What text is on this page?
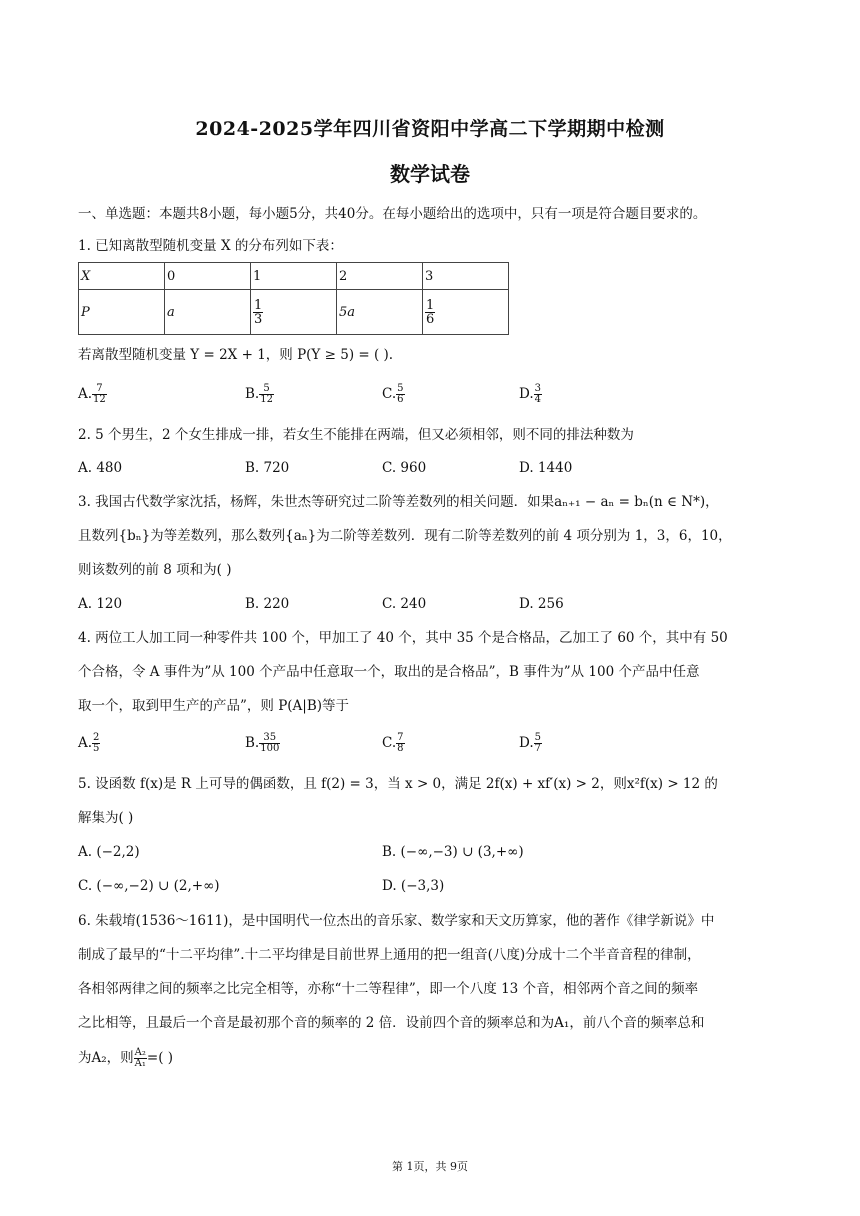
2024-2025学年四川省资阳中学高二下学期期中检测
数学试卷
一、单选题：本题共8小题，每小题5分，共40分。在每小题给出的选项中，只有一项是符合题目要求的。
1. 已知离散型随机变量 X 的分布列如下表：
X	0	1	2	3
P	a	$\frac{1}{3}$	5a	$\frac{1}{6}$
若离散型随机变量 Y = 2X + 1，则 P(Y ≥ 5) = ( ).
A. $\frac{7}{12}$	B. $\frac{5}{12}$	C. $\frac{5}{6}$	D. $\frac{3}{4}$
2. 5 个男生，2 个女生排成一排，若女生不能排在两端，但又必须相邻，则不同的排法种数为
A. 480	B. 720	C. 960	D. 1440
3. 我国古代数学家沈括，杨辉，朱世杰等研究过二阶等差数列的相关问题．如果aₙ₊₁ − aₙ = bₙ(n ∈ N*)，
且数列{bₙ}为等差数列，那么数列{aₙ}为二阶等差数列．现有二阶等差数列的前 4 项分别为 1，3，6，10，
则该数列的前 8 项和为( )
A. 120	B. 220	C. 240	D. 256
4. 两位工人加工同一种零件共 100 个，甲加工了 40 个，其中 35 个是合格品，乙加工了 60 个，其中有 50
个合格，令 A 事件为”从 100 个产品中任意取一个，取出的是合格品”，B 事件为”从 100 个产品中任意
取一个，取到甲生产的产品”，则 P(A|B)等于
A. $\frac{2}{5}$	B. $\frac{35}{100}$	C. $\frac{7}{8}$	D. $\frac{5}{7}$
5. 设函数 f(x)是 R 上可导的偶函数，且 f(2) = 3，当 x > 0，满足 2f(x) + xf′(x) > 2，则x²f(x) > 12 的
解集为( )
A. (−2,2)	B. (−∞,−3) ∪ (3,+∞)
C. (−∞,−2) ∪ (2,+∞)	D. (−3,3)
6. 朱载堉(1536～1611)，是中国明代一位杰出的音乐家、数学家和天文历算家，他的著作《律学新说》中
制成了最早的“十二平均律”.十二平均律是目前世界上通用的把一组音(八度)分成十二个半音音程的律制，
各相邻两律之间的频率之比完全相等，亦称“十二等程律”，即一个八度 13 个音，相邻两个音之间的频率
之比相等，且最后一个音是最初那个音的频率的 2 倍．设前四个音的频率总和为A₁，前八个音的频率总和
为A₂，则 $\frac{\text{A₂}}{\text{A₁}}$ =( )
第 1页，共 9页
